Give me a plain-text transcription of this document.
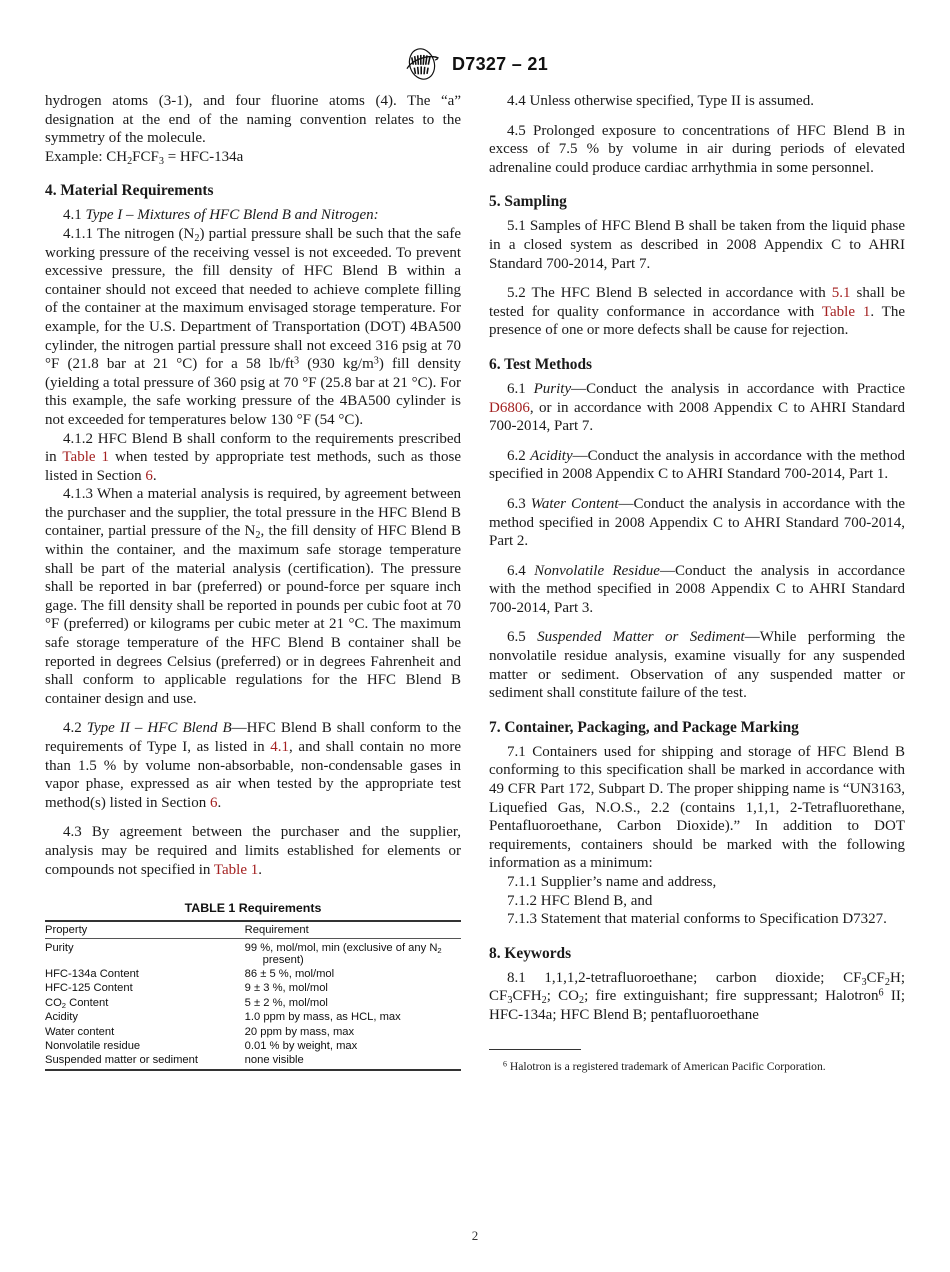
D7327 – 21

hydrogen atoms (3-1), and four fluorine atoms (4). The “a” designation at the end of the naming convention relates to the symmetry of the molecule.

Example: $CH_2FCF_3 = HFC-134a$

4. Material Requirements

4.1 Type I – Mixtures of HFC Blend B and Nitrogen:

4.1.1 The nitrogen $(N_2)$ partial pressure shall be such that the safe working pressure of the receiving vessel is not exceeded. To prevent excessive pressure, the fill density of HFC Blend B within a container should not exceed that needed to achieve complete filling of the container at the maximum envisaged storage temperature. For example, for the U.S. Department of Transportation (DOT) 4BA500 cylinder, the nitrogen partial pressure shall not exceed 316 psig at 70 °F (21.8 bar at 21 °C) for a 58 $lb/ft^3$ (930 $kg/m^3$) fill density (yielding a total pressure of 360 psig at 70 °F (25.8 bar at 21 °C). For this example, the safe working pressure of the 4BA500 cylinder is not exceeded for temperatures below 130 °F (54 °C).

4.1.2 HFC Blend B shall conform to the requirements prescribed in Table 1 when tested by appropriate test methods, such as those listed in Section 6.

4.1.3 When a material analysis is required, by agreement between the purchaser and the supplier, the total pressure in the HFC Blend B container, partial pressure of the $N_2$, the fill density of HFC Blend B within the container, and the maximum safe storage temperature shall be part of the material analysis (certification). The pressure shall be reported in bar (preferred) or pound-force per square inch gage. The fill density shall be reported in pounds per cubic foot at 70 °F (preferred) or kilograms per cubic meter at 21 °C. The maximum safe storage temperature of the HFC Blend B container shall be reported in degrees Celsius (preferred) or in degrees Fahrenheit and shall conform to applicable regulations for the HFC Blend B container design and use.

4.2 Type II – HFC Blend B—HFC Blend B shall conform to the requirements of Type I, as listed in 4.1, and shall contain no more than 1.5 % by volume non-absorbable, non-condensable gases in vapor phase, expressed as air when tested by the appropriate test method(s) listed in Section 6.

4.3 By agreement between the purchaser and the supplier, analysis may be required and limits established for elements or compounds not specified in Table 1.

TABLE 1 Requirements
Property	Requirement
Purity	99 %, mol/mol, min (exclusive of any $N_2$
present)

HFC-134a Content	86 ± 5 %, mol/mol
HFC-125 Content	9 ± 3 %, mol/mol
$CO_2$ Content	5 ± 2 %, mol/mol
Acidity	1.0 ppm by mass, as HCL, max
Water content	20 ppm by mass, max
Nonvolatile residue	0.01 % by weight, max
Suspended matter or sediment	none visible

4.4 Unless otherwise specified, Type II is assumed.

4.5 Prolonged exposure to concentrations of HFC Blend B in excess of 7.5 % by volume in air during periods of elevated adrenaline could produce cardiac arrhythmia in some personnel.

5. Sampling

5.1 Samples of HFC Blend B shall be taken from the liquid phase in a closed system as described in 2008 Appendix C to AHRI Standard 700-2014, Part 7.

5.2 The HFC Blend B selected in accordance with 5.1 shall be tested for quality conformance in accordance with Table 1. The presence of one or more defects shall be cause for rejection.

6. Test Methods

6.1 Purity—Conduct the analysis in accordance with Practice D6806, or in accordance with 2008 Appendix C to AHRI Standard 700-2014, Part 7.

6.2 Acidity—Conduct the analysis in accordance with the method specified in 2008 Appendix C to AHRI Standard 700-2014, Part 1.

6.3 Water Content—Conduct the analysis in accordance with the method specified in 2008 Appendix C to AHRI Standard 700-2014, Part 2.

6.4 Nonvolatile Residue—Conduct the analysis in accordance with the method specified in 2008 Appendix C to AHRI Standard 700-2014, Part 3.

6.5 Suspended Matter or Sediment—While performing the nonvolatile residue analysis, examine visually for any suspended matter or sediment. Observation of any suspended matter or sediment shall constitute failure of the test.

7. Container, Packaging, and Package Marking

7.1 Containers used for shipping and storage of HFC Blend B conforming to this specification shall be marked in accordance with 49 CFR Part 172, Subpart D. The proper shipping name is “UN3163, Liquefied Gas, N.O.S., 2.2 (contains 1,1,1, 2-Tetrafluorethane, Pentafluoroethane, Carbon Dioxide).” In addition to DOT requirements, containers should be marked with the following information as a minimum:

7.1.1 Supplier’s name and address,

7.1.2 HFC Blend B, and

7.1.3 Statement that material conforms to Specification D7327.

8. Keywords

8.1 1,1,1,2-tetrafluoroethane; carbon dioxide; $CF_3CF_2H$; $CF_3CFH_2$; $CO_2$; fire extinguishant; fire suppressant; Halotron$^6$ II; HFC-134a; HFC Blend B; pentafluoroethane

$^6$ Halotron is a registered trademark of American Pacific Corporation.

2
